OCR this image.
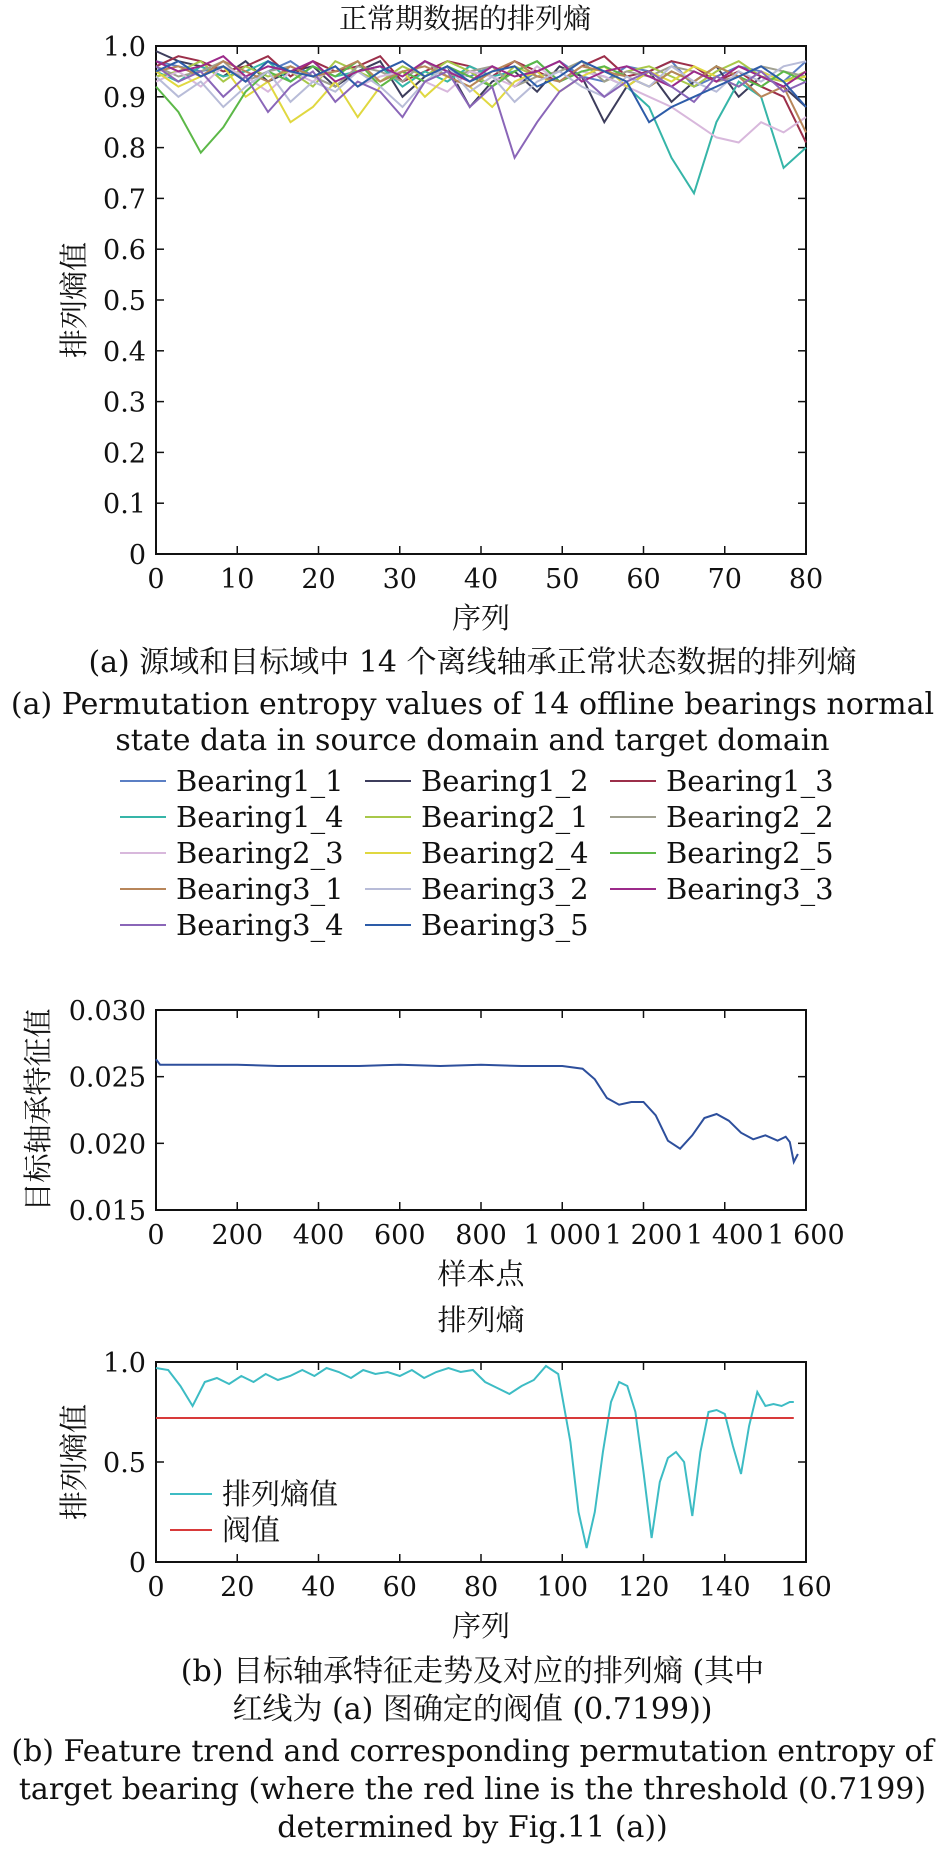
正常期数据的排列熵
0
0.1
0.2
0.3
0.4
0.5
0.6
0.7
0.8
0.9
1.0
0 10 20 30 40 50 60 70 80
序列
排列熵值
0.015
0.020
0.025
0.030
0 200 400 600 800 1 000 1 200 1 400 1 600
样本点
目标轴承特征值
排列熵
0
0.5
1.0
0 20 40 60 80 100 120 140 160
排列熵值
阀值
序列
排列熵值
(a) 源域和目标域中 14 个离线轴承正常状态数据的排列熵
(a) Permutation entropy values of 14 offline bearings normal
state data in source domain and target domain
Bearing1_1	Bearing1_2	Bearing1_3
Bearing1_4	Bearing2_1	Bearing2_2
Bearing2_3	Bearing2_4	Bearing2_5
Bearing3_1	Bearing3_2	Bearing3_3
Bearing3_4	Bearing3_5
(b) 目标轴承特征走势及对应的排列熵 (其中
红线为 (a) 图确定的阀值 (0.7199))
(b) Feature trend and corresponding permutation entropy of
target bearing (where the red line is the threshold (0.7199)
determined by Fig.11 (a))
